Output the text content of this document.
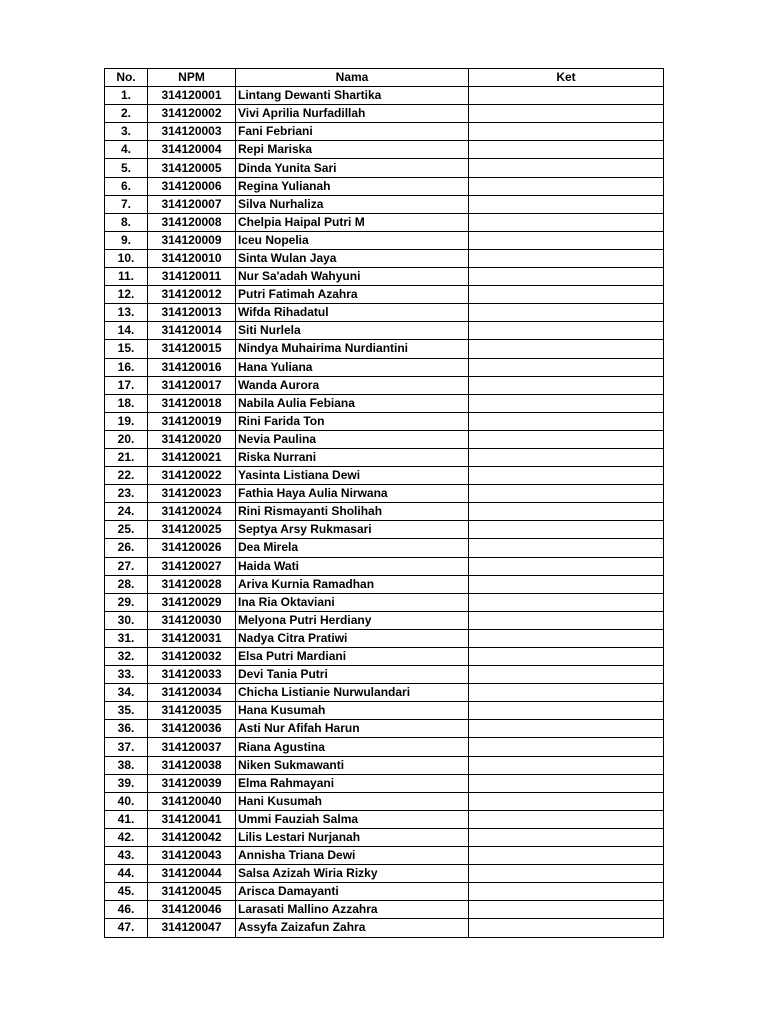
No.	NPM	Nama	Ket
1.	314120001	Lintang Dewanti Shartika	
2.	314120002	Vivi Aprilia Nurfadillah	
3.	314120003	Fani Febriani	
4.	314120004	Repi Mariska	
5.	314120005	Dinda Yunita Sari	
6.	314120006	Regina Yulianah	
7.	314120007	Silva Nurhaliza	
8.	314120008	Chelpia Haipal Putri M	
9.	314120009	Iceu Nopelia	
10.	314120010	Sinta Wulan Jaya	
11.	314120011	Nur Sa'adah Wahyuni	
12.	314120012	Putri Fatimah Azahra	
13.	314120013	Wifda Rihadatul	
14.	314120014	Siti Nurlela	
15.	314120015	Nindya Muhairima Nurdiantini	
16.	314120016	Hana Yuliana	
17.	314120017	Wanda Aurora	
18.	314120018	Nabila Aulia Febiana	
19.	314120019	Rini Farida Ton	
20.	314120020	Nevia Paulina	
21.	314120021	Riska Nurrani	
22.	314120022	Yasinta Listiana Dewi	
23.	314120023	Fathia Haya Aulia Nirwana	
24.	314120024	Rini Rismayanti Sholihah	
25.	314120025	Septya Arsy Rukmasari	
26.	314120026	Dea Mirela	
27.	314120027	Haida Wati	
28.	314120028	Ariva Kurnia Ramadhan	
29.	314120029	Ina Ria Oktaviani	
30.	314120030	Melyona Putri Herdiany	
31.	314120031	Nadya Citra Pratiwi	
32.	314120032	Elsa Putri Mardiani	
33.	314120033	Devi Tania Putri	
34.	314120034	Chicha Listianie Nurwulandari	
35.	314120035	Hana Kusumah	
36.	314120036	Asti Nur Afifah Harun	
37.	314120037	Riana Agustina	
38.	314120038	Niken Sukmawanti	
39.	314120039	Elma Rahmayani	
40.	314120040	Hani Kusumah	
41.	314120041	Ummi Fauziah Salma	
42.	314120042	Lilis Lestari Nurjanah	
43.	314120043	Annisha Triana Dewi	
44.	314120044	Salsa Azizah Wiria Rizky	
45.	314120045	Arisca Damayanti	
46.	314120046	Larasati Mallino Azzahra	
47.	314120047	Assyfa Zaizafun Zahra	
